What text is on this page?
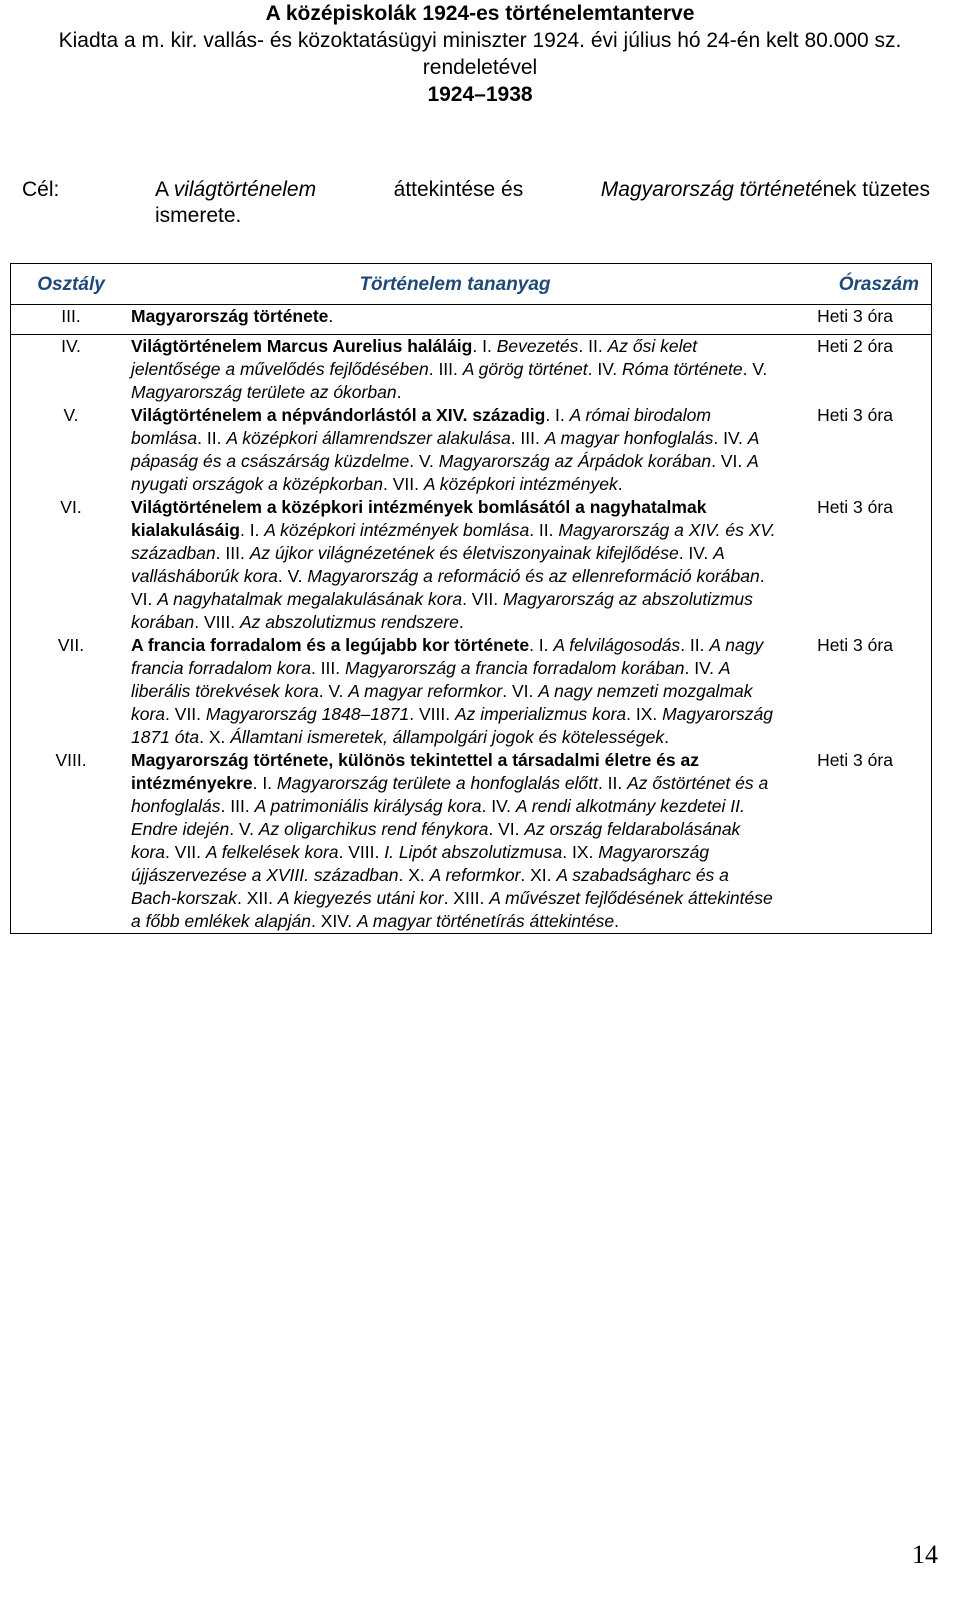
A középiskolák 1924-es történelemtanterve
Kiadta a m. kir. vallás- és közoktatásügyi miniszter 1924. évi július hó 24-én kelt 80.000 sz.
rendeletével
1924–1938
Cél:	A világtörténelem	áttekintése és	Magyarország történetének tüzetes
ismerete.
Osztály	Történelem tananyag	Óraszám
III.	Magyarország története.	Heti 3 óra
IV.	Világtörténelem Marcus Aurelius haláláig. I. Bevezetés. II. Az ősi kelet jelentősége a művelődés fejlődésében. III. A görög történet. IV. Róma története. V. Magyarország területe az ókorban.	Heti 2 óra
V.	Világtörténelem a népvándorlástól a XIV. századig. I. A római birodalom bomlása. II. A középkori államrendszer alakulása. III. A magyar honfoglalás. IV. A pápaság és a császárság küzdelme. V. Magyarország az Árpádok korában. VI. A nyugati országok a középkorban. VII. A középkori intézmények.	Heti 3 óra
VI.	Világtörténelem a középkori intézmények bomlásától a nagyhatalmak kialakulásáig. I. A középkori intézmények bomlása. II. Magyarország a XIV. és XV. században. III. Az újkor világnézetének és életviszonyainak kifejlődése. IV. A vallásháborúk kora. V. Magyarország a reformáció és az ellenreformáció korában. VI. A nagyhatalmak megalakulásának kora. VII. Magyarország az abszolutizmus korában. VIII. Az abszolutizmus rendszere.	Heti 3 óra
VII.	A francia forradalom és a legújabb kor története. I. A felvilágosodás. II. A nagy francia forradalom kora. III. Magyarország a francia forradalom korában. IV. A liberális törekvések kora. V. A magyar reformkor. VI. A nagy nemzeti mozgalmak kora. VII. Magyarország 1848–1871. VIII. Az imperializmus kora. IX. Magyarország 1871 óta. X. Államtani ismeretek, állampolgári jogok és kötelességek.	Heti 3 óra
VIII.	Magyarország története, különös tekintettel a társadalmi életre és az intézményekre. I. Magyarország területe a honfoglalás előtt. II. Az őstörténet és a honfoglalás. III. A patrimoniális királyság kora. IV. A rendi alkotmány kezdetei II. Endre idején. V. Az oligarchikus rend fénykora. VI. Az ország feldarabolásának kora. VII. A felkelések kora. VIII. I. Lipót abszolutizmusa. IX. Magyarország újjászervezése a XVIII. században. X. A reformkor. XI. A szabadságharc és a Bach-korszak. XII. A kiegyezés utáni kor. XIII. A művészet fejlődésének áttekintése a főbb emlékek alapján. XIV. A magyar történetírás áttekintése.	Heti 3 óra
14
